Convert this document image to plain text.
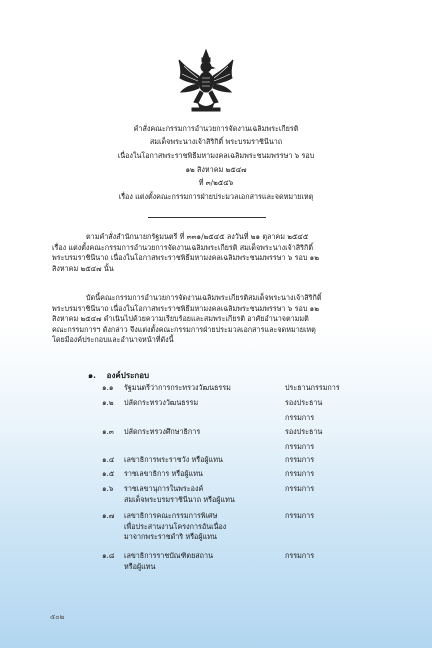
คำสั่งคณะกรรมการอำนวยการจัดงานเฉลิมพระเกียรติ
สมเด็จพระนางเจ้าสิริกิติ์ พระบรมราชินีนาถ
เนื่องในโอกาสพระราชพิธีมหามงคลเฉลิมพระชนมพรรษา ๖ รอบ
๑๒ สิงหาคม ๒๕๔๗
ที่ ๓/๒๕๔๖
เรื่อง แต่งตั้งคณะกรรมการฝ่ายประมวลเอกสารและจดหมายเหตุ
ตามคำสั่งสำนักนายกรัฐมนตรี ที่ ๓๓๑/๒๕๔๕ ลงวันที่ ๒๑ ตุลาคม ๒๕๔๕
เรื่อง แต่งตั้งคณะกรรมการอำนวยการจัดงานเฉลิมพระเกียรติ สมเด็จพระนางเจ้าสิริกิติ์
พระบรมราชินีนาถ เนื่องในโอกาสพระราชพิธีมหามงคลเฉลิมพระชนมพรรษา ๖ รอบ ๑๒
สิงหาคม ๒๕๔๗ นั้น
บัดนี้คณะกรรมการอำนวยการจัดงานเฉลิมพระเกียรติสมเด็จพระนางเจ้าสิริกิติ์
พระบรมราชินีนาถ เนื่องในโอกาสพระราชพิธีมหามงคลเฉลิมพระชนมพรรษา ๖ รอบ ๑๒
สิงหาคม ๒๕๔๗ ดำเนินไปด้วยความเรียบร้อยและสมพระเกียรติ อาศัยอำนาจตามมติ
คณะกรรมการฯ ดังกล่าว จึงแต่งตั้งคณะกรรมการฝ่ายประมวลเอกสารและจดหมายเหตุ
โดยมีองค์ประกอบและอำนาจหน้าที่ดังนี้
๑. องค์ประกอบ
๑.๑ รัฐมนตรีว่าการกระทรวงวัฒนธรรม	ประธานกรรมการ
๑.๒ ปลัดกระทรวงวัฒนธรรม	รองประธาน
กรรมการ
๑.๓ ปลัดกระทรวงศึกษาธิการ	รองประธาน
กรรมการ
๑.๔ เลขาธิการพระราชวัง หรือผู้แทน	กรรมการ
๑.๕ ราชเลขาธิการ หรือผู้แทน	กรรมการ
๑.๖ ราชเลขานุการในพระองค์
สมเด็จพระบรมราชินีนาถ หรือผู้แทน
กรรมการ
๑.๗ เลขาธิการคณะกรรมการพิเศษ
เพื่อประสานงานโครงการอันเนื่อง
มาจากพระราชดำริ หรือผู้แทน
กรรมการ
๑.๘ เลขาธิการราชบัณฑิตยสถาน
หรือผู้แทน
กรรมการ
๕๐๒
